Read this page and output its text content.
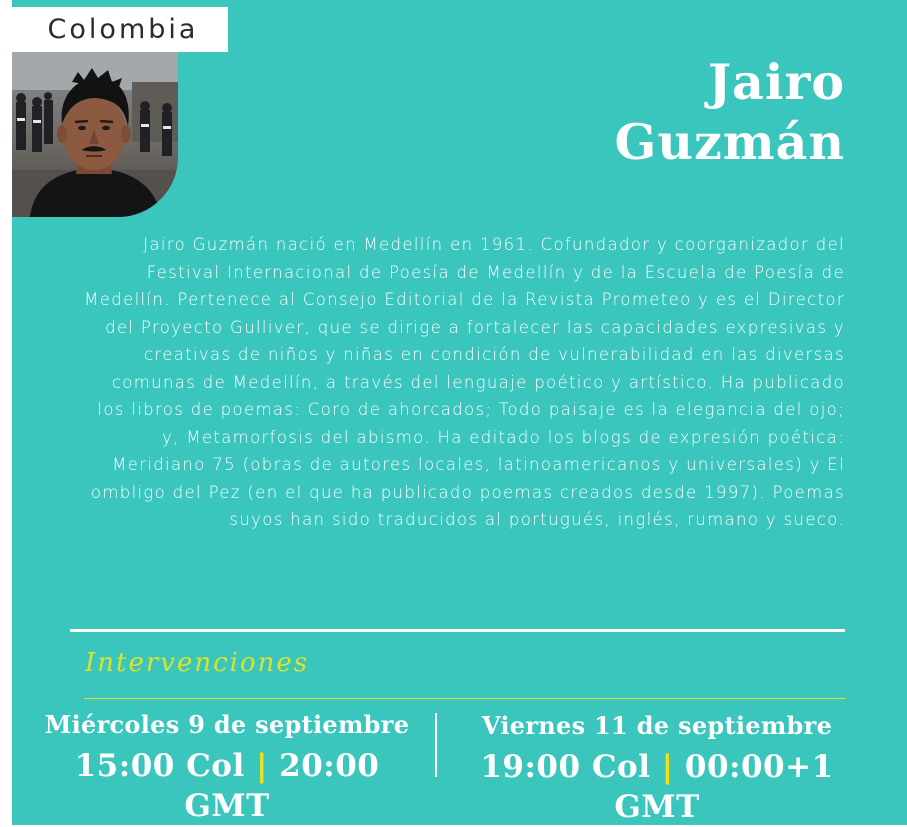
Colombia
Jairo
Guzmán

Jairo Guzmán nació en Medellín en 1961. Cofundador y coorganizador del Festival Internacional de Poesía de Medellín y de la Escuela de Poesía de Medellín. Pertenece al Consejo Editorial de la Revista Prometeo y es el Director del Proyecto Gulliver, que se dirige a fortalecer las capacidades expresivas y creativas de niños y niñas en condición de vulnerabilidad en las diversas comunas de Medellín, a través del lenguaje poético y artístico. Ha publicado los libros de poemas: Coro de ahorcados; Todo paisaje es la elegancia del ojo; y, Metamorfosis del abismo. Ha editado los blogs de expresión poética: Meridiano 75 (obras de autores locales, latinoamericanos y universales) y El ombligo del Pez (en el que ha publicado poemas creados desde 1997). Poemas suyos han sido traducidos al portugués, inglés, rumano y sueco.

Intervenciones
Miércoles 9 de septiembre
15:00 Col | 20:00 GMT
Viernes 11 de septiembre
19:00 Col | 00:00+1 GMT
